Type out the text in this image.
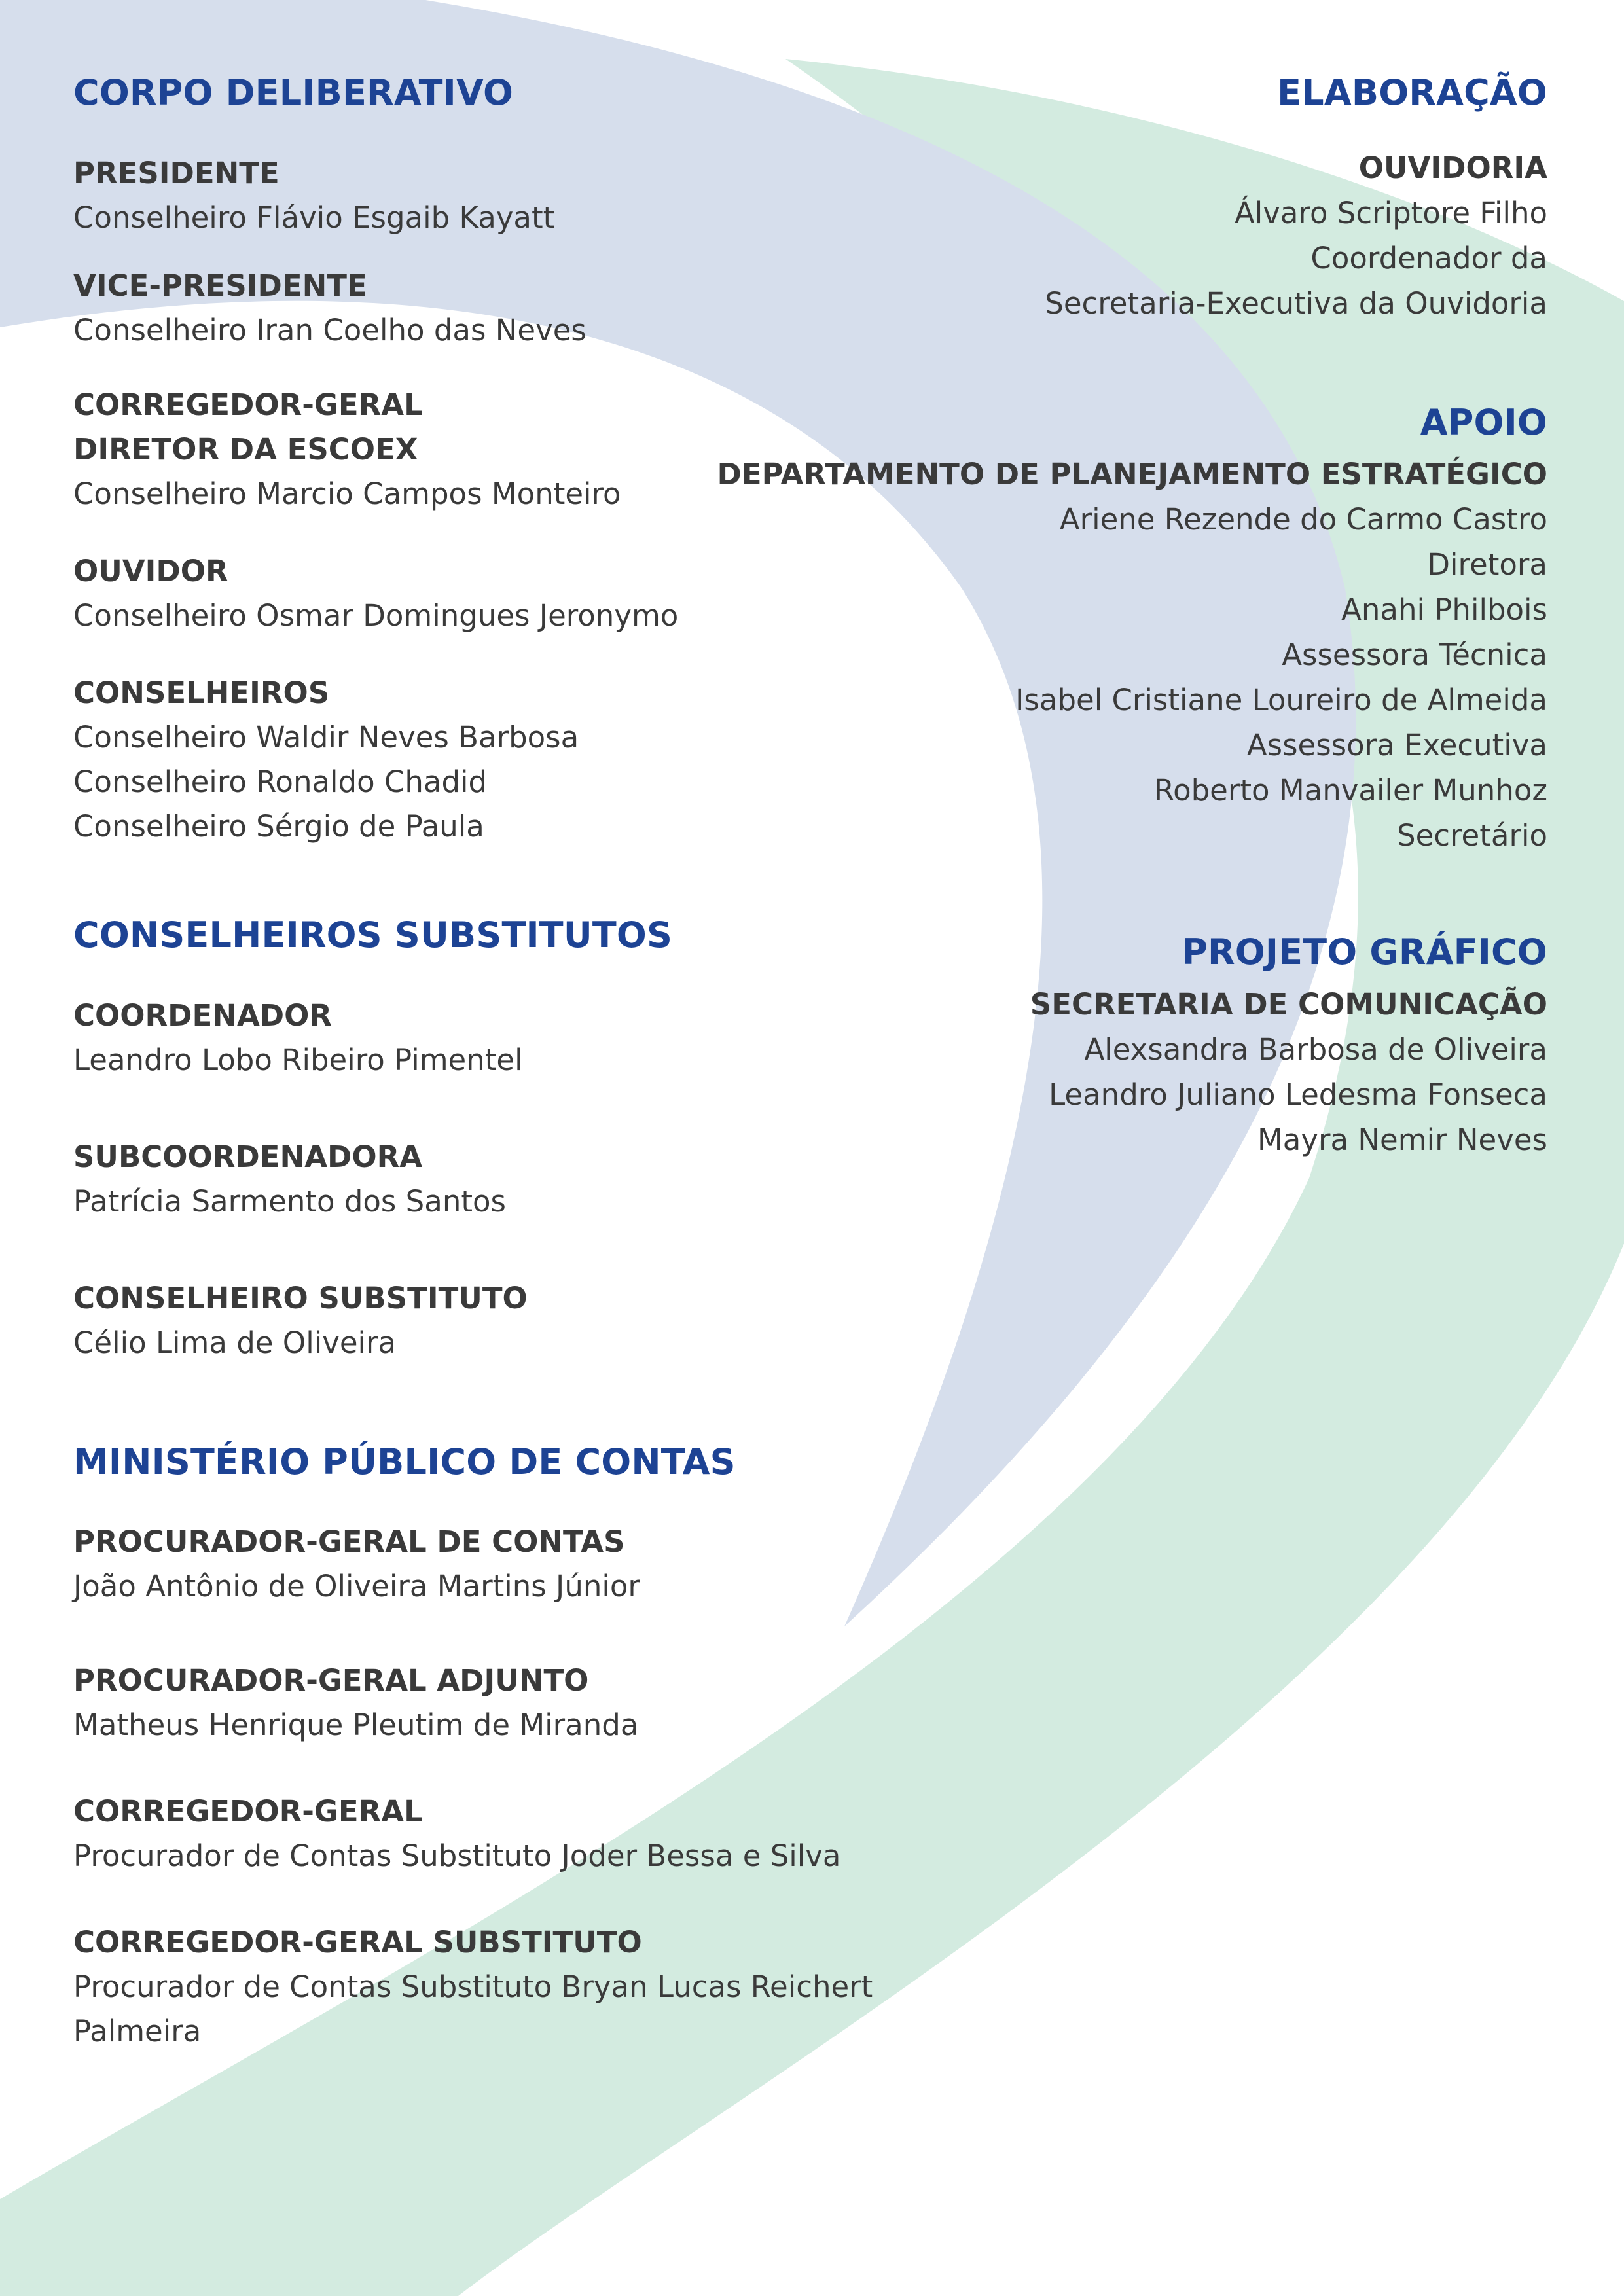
CORPO DELIBERATIVO
PRESIDENTE
Conselheiro Flávio Esgaib Kayatt
VICE-PRESIDENTE
Conselheiro Iran Coelho das Neves
CORREGEDOR-GERAL
DIRETOR DA ESCOEX
Conselheiro Marcio Campos Monteiro
OUVIDOR
Conselheiro Osmar Domingues Jeronymo
CONSELHEIROS
Conselheiro Waldir Neves Barbosa
Conselheiro Ronaldo Chadid
Conselheiro Sérgio de Paula
CONSELHEIROS SUBSTITUTOS
COORDENADOR
Leandro Lobo Ribeiro Pimentel
SUBCOORDENADORA
Patrícia Sarmento dos Santos
CONSELHEIRO SUBSTITUTO
Célio Lima de Oliveira
MINISTÉRIO PÚBLICO DE CONTAS
PROCURADOR-GERAL DE CONTAS
João Antônio de Oliveira Martins Júnior
PROCURADOR-GERAL ADJUNTO
Matheus Henrique Pleutim de Miranda
CORREGEDOR-GERAL
Procurador de Contas Substituto Joder Bessa e Silva
CORREGEDOR-GERAL SUBSTITUTO
Procurador de Contas Substituto Bryan Lucas Reichert Palmeira
ELABORAÇÃO
OUVIDORIA
Álvaro Scriptore Filho
Coordenador da
Secretaria-Executiva da Ouvidoria
APOIO
DEPARTAMENTO DE PLANEJAMENTO ESTRATÉGICO
Ariene Rezende do Carmo Castro
Diretora
Anahi Philbois
Assessora Técnica
Isabel Cristiane Loureiro de Almeida
Assessora Executiva
Roberto Manvailer Munhoz
Secretário
PROJETO GRÁFICO
SECRETARIA DE COMUNICAÇÃO
Alexsandra Barbosa de Oliveira
Leandro Juliano Ledesma Fonseca
Mayra Nemir Neves
